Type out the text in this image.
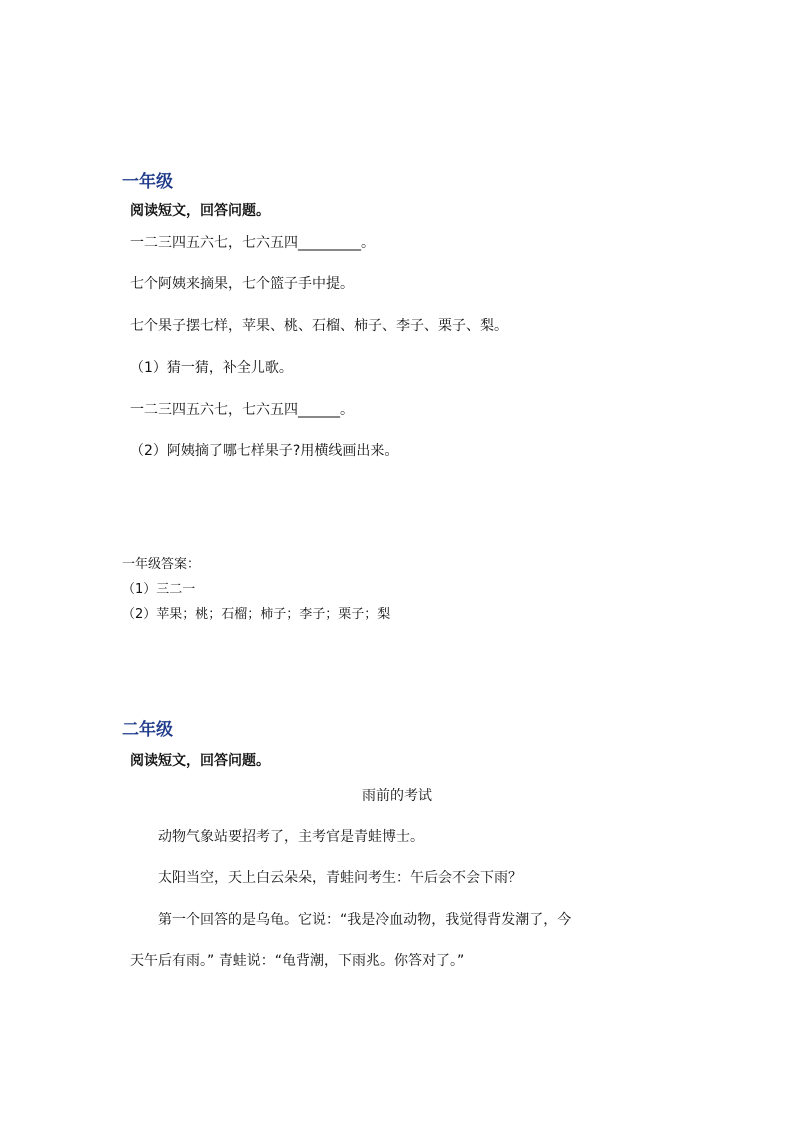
一年级
阅读短文，回答问题。
一二三四五六七，七六五四_________。
七个阿姨来摘果，七个篮子手中提。
七个果子摆七样，苹果、桃、石榴、柿子、李子、栗子、梨。
（1）猜一猜，补全儿歌。
一二三四五六七，七六五四______。
（2）阿姨摘了哪七样果子?用横线画出来。
一年级答案：
（1）三二一
（2）苹果；桃；石榴；柿子；李子；栗子；梨
二年级
阅读短文，回答问题。
雨前的考试
动物气象站要招考了，主考官是青蛙博士。
太阳当空，天上白云朵朵，青蛙问考生：午后会不会下雨？
第一个回答的是乌龟。它说：“我是冷血动物，我觉得背发潮了，今
天午后有雨。” 青蛙说：“龟背潮，下雨兆。你答对了。”
